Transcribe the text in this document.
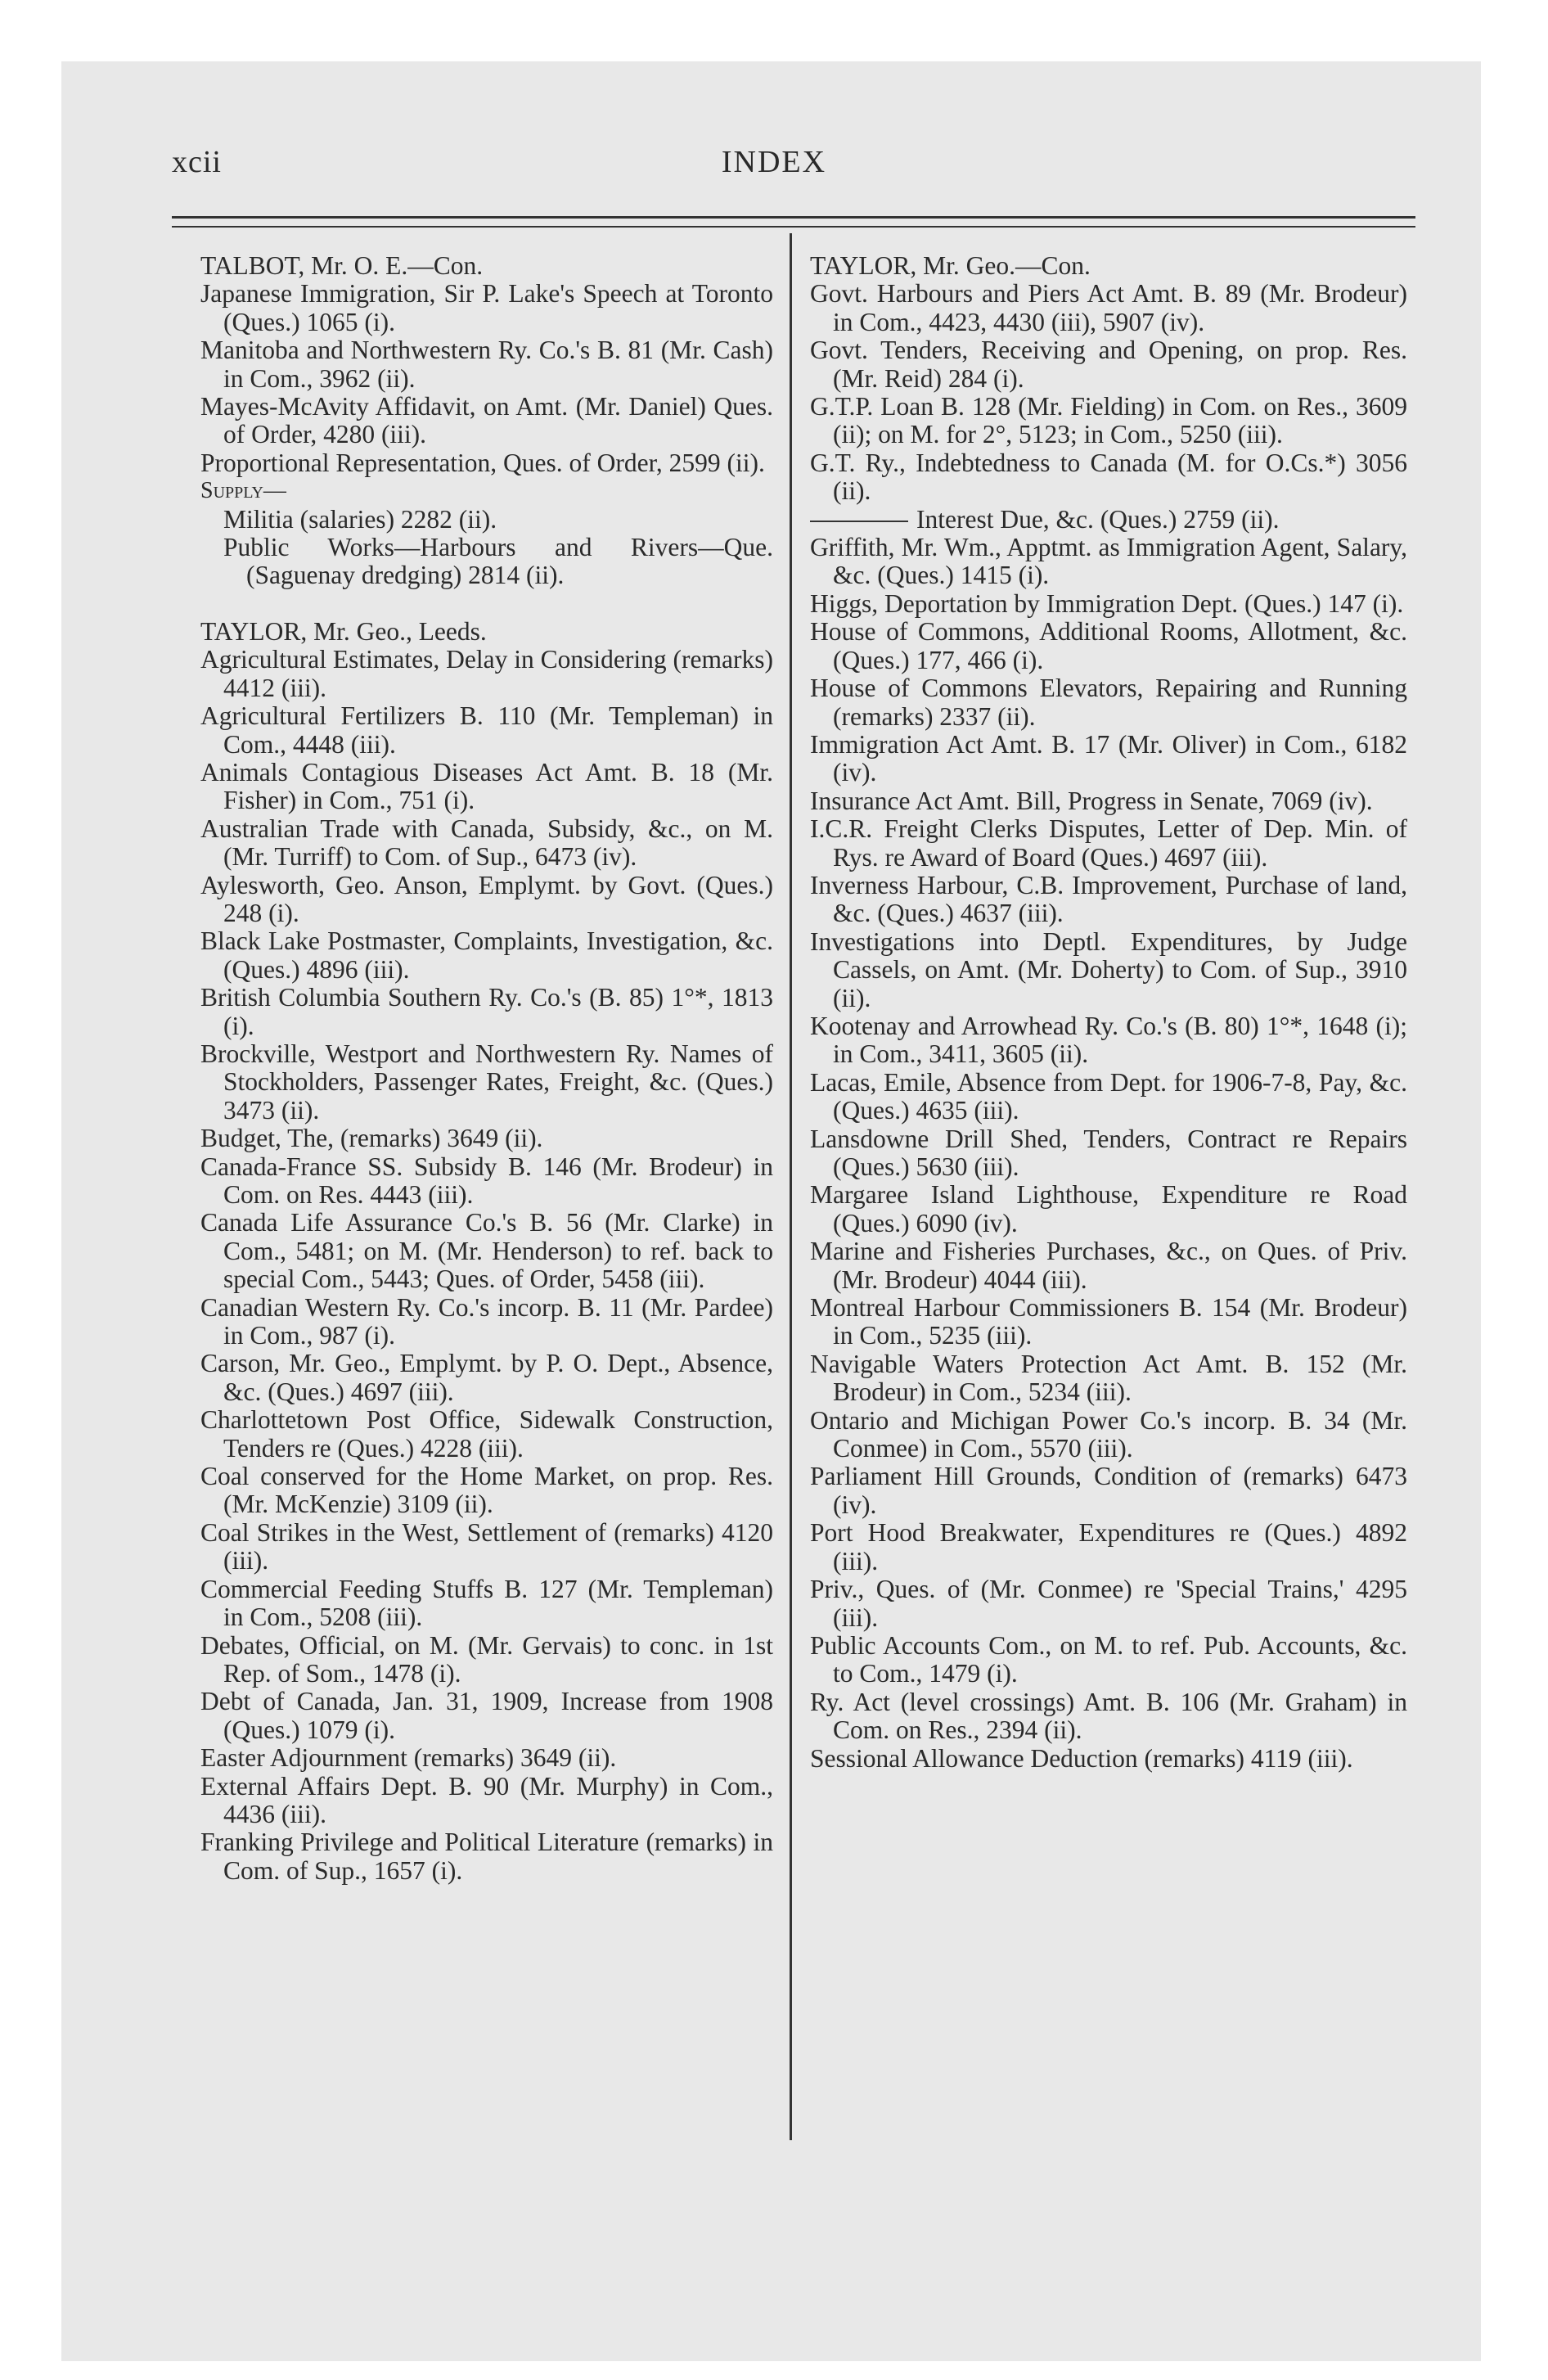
xcii	INDEX
TALBOT, Mr. O. E.—Con.
Japanese Immigration, Sir P. Lake's Speech at Toronto (Ques.) 1065 (i).
Manitoba and Northwestern Ry. Co.'s B. 81 (Mr. Cash) in Com., 3962 (ii).
Mayes-McAvity Affidavit, on Amt. (Mr. Daniel) Ques. of Order, 4280 (iii).
Proportional Representation, Ques. of Order, 2599 (ii).
Supply—
Militia (salaries) 2282 (ii).
Public Works—Harbours and Rivers—Que. (Saguenay dredging) 2814 (ii).
TAYLOR, Mr. Geo., Leeds.
Agricultural Estimates, Delay in Considering (remarks) 4412 (iii).
Agricultural Fertilizers B. 110 (Mr. Templeman) in Com., 4448 (iii).
Animals Contagious Diseases Act Amt. B. 18 (Mr. Fisher) in Com., 751 (i).
Australian Trade with Canada, Subsidy, &c., on M. (Mr. Turriff) to Com. of Sup., 6473 (iv).
Aylesworth, Geo. Anson, Emplymt. by Govt. (Ques.) 248 (i).
Black Lake Postmaster, Complaints, Investigation, &c. (Ques.) 4896 (iii).
British Columbia Southern Ry. Co.'s (B. 85) 1°*, 1813 (i).
Brockville, Westport and Northwestern Ry. Names of Stockholders, Passenger Rates, Freight, &c. (Ques.) 3473 (ii).
Budget, The, (remarks) 3649 (ii).
Canada-France SS. Subsidy B. 146 (Mr. Brodeur) in Com. on Res. 4443 (iii).
Canada Life Assurance Co.'s B. 56 (Mr. Clarke) in Com., 5481; on M. (Mr. Henderson) to ref. back to special Com., 5443; Ques. of Order, 5458 (iii).
Canadian Western Ry. Co.'s incorp. B. 11 (Mr. Pardee) in Com., 987 (i).
Carson, Mr. Geo., Emplymt. by P. O. Dept., Absence, &c. (Ques.) 4697 (iii).
Charlottetown Post Office, Sidewalk Construction, Tenders re (Ques.) 4228 (iii).
Coal conserved for the Home Market, on prop. Res. (Mr. McKenzie) 3109 (ii).
Coal Strikes in the West, Settlement of (remarks) 4120 (iii).
Commercial Feeding Stuffs B. 127 (Mr. Templeman) in Com., 5208 (iii).
Debates, Official, on M. (Mr. Gervais) to conc. in 1st Rep. of Som., 1478 (i).
Debt of Canada, Jan. 31, 1909, Increase from 1908 (Ques.) 1079 (i).
Easter Adjournment (remarks) 3649 (ii).
External Affairs Dept. B. 90 (Mr. Murphy) in Com., 4436 (iii).
Franking Privilege and Political Literature (remarks) in Com. of Sup., 1657 (i).
TAYLOR, Mr. Geo.—Con.
Govt. Harbours and Piers Act Amt. B. 89 (Mr. Brodeur) in Com., 4423, 4430 (iii), 5907 (iv).
Govt. Tenders, Receiving and Opening, on prop. Res. (Mr. Reid) 284 (i).
G.T.P. Loan B. 128 (Mr. Fielding) in Com. on Res., 3609 (ii); on M. for 2°, 5123; in Com., 5250 (iii).
G.T. Ry., Indebtedness to Canada (M. for O.Cs.*) 3056 (ii).
Interest Due, &c. (Ques.) 2759 (ii).
Griffith, Mr. Wm., Apptmt. as Immigration Agent, Salary, &c. (Ques.) 1415 (i).
Higgs, Deportation by Immigration Dept. (Ques.) 147 (i).
House of Commons, Additional Rooms, Allotment, &c. (Ques.) 177, 466 (i).
House of Commons Elevators, Repairing and Running (remarks) 2337 (ii).
Immigration Act Amt. B. 17 (Mr. Oliver) in Com., 6182 (iv).
Insurance Act Amt. Bill, Progress in Senate, 7069 (iv).
I.C.R. Freight Clerks Disputes, Letter of Dep. Min. of Rys. re Award of Board (Ques.) 4697 (iii).
Inverness Harbour, C.B. Improvement, Purchase of land, &c. (Ques.) 4637 (iii).
Investigations into Deptl. Expenditures, by Judge Cassels, on Amt. (Mr. Doherty) to Com. of Sup., 3910 (ii).
Kootenay and Arrowhead Ry. Co.'s (B. 80) 1°*, 1648 (i); in Com., 3411, 3605 (ii).
Lacas, Emile, Absence from Dept. for 1906-7-8, Pay, &c. (Ques.) 4635 (iii).
Lansdowne Drill Shed, Tenders, Contract re Repairs (Ques.) 5630 (iii).
Margaree Island Lighthouse, Expenditure re Road (Ques.) 6090 (iv).
Marine and Fisheries Purchases, &c., on Ques. of Priv. (Mr. Brodeur) 4044 (iii).
Montreal Harbour Commissioners B. 154 (Mr. Brodeur) in Com., 5235 (iii).
Navigable Waters Protection Act Amt. B. 152 (Mr. Brodeur) in Com., 5234 (iii).
Ontario and Michigan Power Co.'s incorp. B. 34 (Mr. Conmee) in Com., 5570 (iii).
Parliament Hill Grounds, Condition of (remarks) 6473 (iv).
Port Hood Breakwater, Expenditures re (Ques.) 4892 (iii).
Priv., Ques. of (Mr. Conmee) re 'Special Trains,' 4295 (iii).
Public Accounts Com., on M. to ref. Pub. Accounts, &c. to Com., 1479 (i).
Ry. Act (level crossings) Amt. B. 106 (Mr. Graham) in Com. on Res., 2394 (ii).
Sessional Allowance Deduction (remarks) 4119 (iii).
